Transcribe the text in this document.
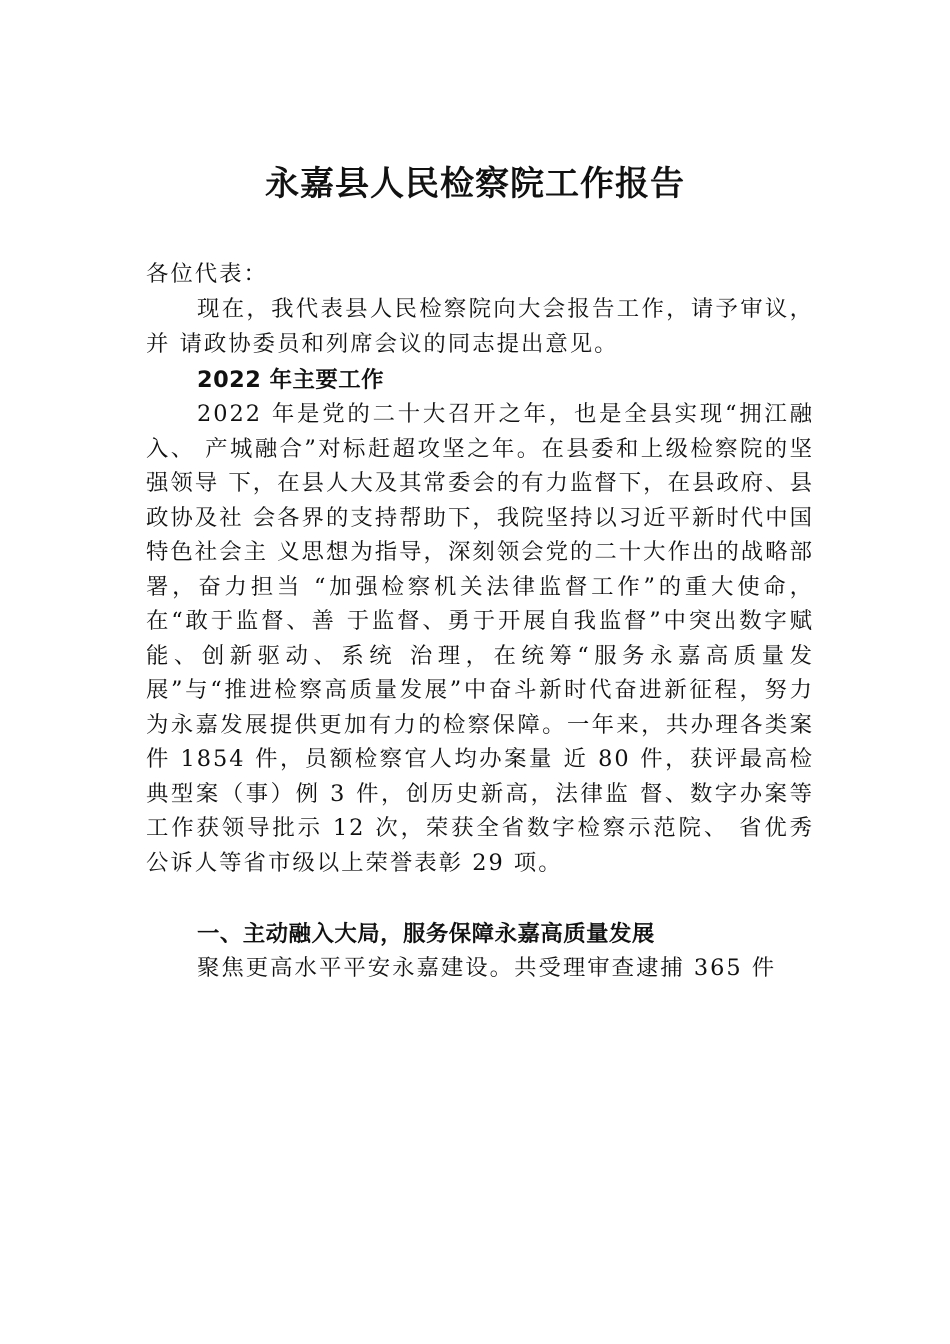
永嘉县人民检察院工作报告
各位代表：

现在，我代表县人民检察院向大会报告工作，请予审议，并 请政协委员和列席会议的同志提出意见。

2022 年主要工作

2022 年是党的二十大召开之年，也是全县实现“拥江融入、 产城融合”对标赶超攻坚之年。在县委和上级检察院的坚强领导 下，在县人大及其常委会的有力监督下，在县政府、县政协及社 会各界的支持帮助下，我院坚持以习近平新时代中国特色社会主 义思想为指导，深刻领会党的二十大作出的战略部署，奋力担当 “加强检察机关法律监督工作”的重大使命，在“敢于监督、善 于监督、勇于开展自我监督”中突出数字赋能、创新驱动、系统 治理，在统筹“服务永嘉高质量发展”与“推进检察高质量发展”中奋斗新时代奋进新征程，努力为永嘉发展提供更加有力的检察保障。一年来，共办理各类案件 1854 件，员额检察官人均办案量 近 80 件，获评最高检典型案（事）例 3 件，创历史新高，法律监 督、数字办案等工作获领导批示 12 次，荣获全省数字检察示范院、 省优秀公诉人等省市级以上荣誉表彰 29 项。

一、主动融入大局，服务保障永嘉高质量发展

聚焦更高水平平安永嘉建设。共受理审查逮捕 365 件
